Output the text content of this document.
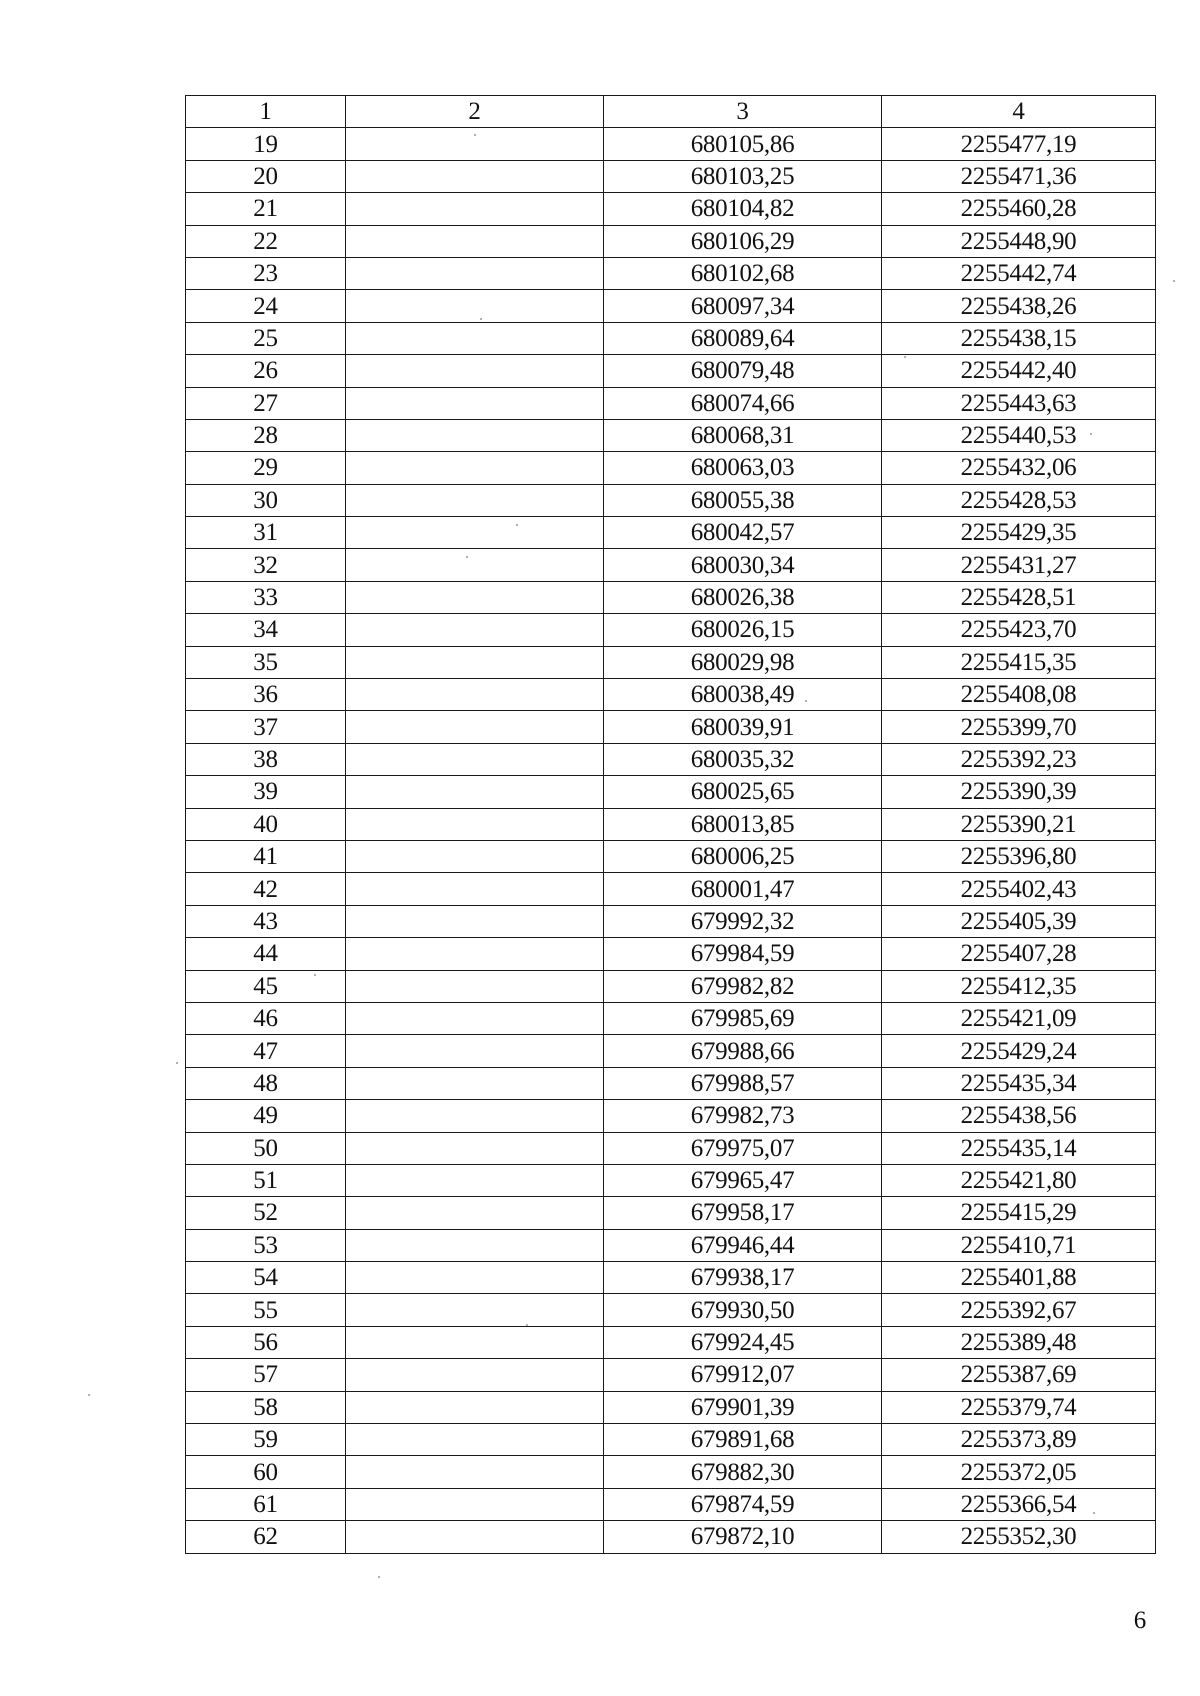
1	2	3	4
19		680105,86	2255477,19
20		680103,25	2255471,36
21		680104,82	2255460,28
22		680106,29	2255448,90
23		680102,68	2255442,74
24		680097,34	2255438,26
25		680089,64	2255438,15
26		680079,48	2255442,40
27		680074,66	2255443,63
28		680068,31	2255440,53
29		680063,03	2255432,06
30		680055,38	2255428,53
31		680042,57	2255429,35
32		680030,34	2255431,27
33		680026,38	2255428,51
34		680026,15	2255423,70
35		680029,98	2255415,35
36		680038,49	2255408,08
37		680039,91	2255399,70
38		680035,32	2255392,23
39		680025,65	2255390,39
40		680013,85	2255390,21
41		680006,25	2255396,80
42		680001,47	2255402,43
43		679992,32	2255405,39
44		679984,59	2255407,28
45		679982,82	2255412,35
46		679985,69	2255421,09
47		679988,66	2255429,24
48		679988,57	2255435,34
49		679982,73	2255438,56
50		679975,07	2255435,14
51		679965,47	2255421,80
52		679958,17	2255415,29
53		679946,44	2255410,71
54		679938,17	2255401,88
55		679930,50	2255392,67
56		679924,45	2255389,48
57		679912,07	2255387,69
58		679901,39	2255379,74
59		679891,68	2255373,89
60		679882,30	2255372,05
61		679874,59	2255366,54
62		679872,10	2255352,30
6
